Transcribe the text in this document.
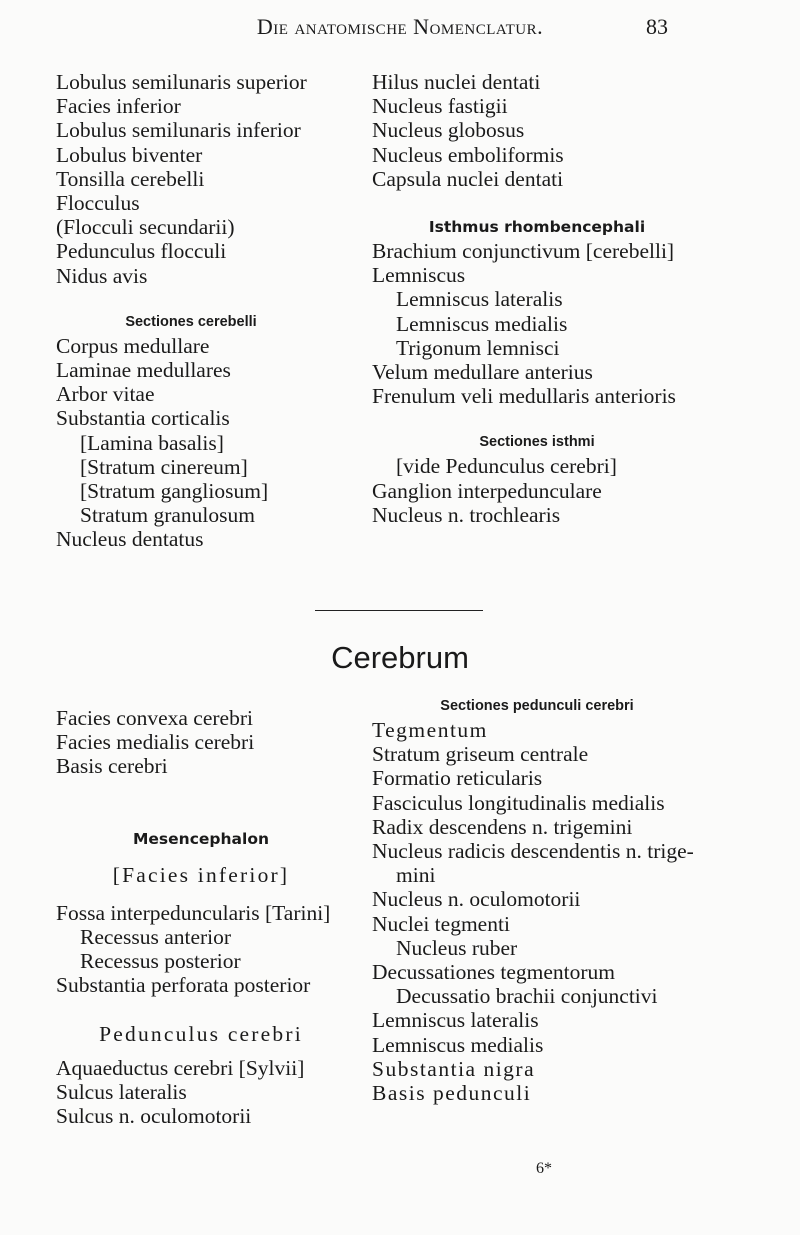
Die anatomische Nomenclatur.	83
Lobulus semilunaris superior
Facies inferior
Lobulus semilunaris inferior
Lobulus biventer
Tonsilla cerebelli
Flocculus
(Flocculi secundarii)
Pedunculus flocculi
Nidus avis
Sectiones cerebelli
Corpus medullare
Laminae medullares
Arbor vitae
Substantia corticalis
[Lamina basalis]
[Stratum cinereum]
[Stratum gangliosum]
Stratum granulosum
Nucleus dentatus
Hilus nuclei dentati
Nucleus fastigii
Nucleus globosus
Nucleus emboliformis
Capsula nuclei dentati
Isthmus rhombencephali
Brachium conjunctivum [cerebelli]
Lemniscus
Lemniscus lateralis
Lemniscus medialis
Trigonum lemnisci
Velum medullare anterius
Frenulum veli medullaris anterioris
Sectiones isthmi
[vide Pedunculus cerebri]
Ganglion interpedunculare
Nucleus n. trochlearis
Cerebrum
Facies convexa cerebri
Facies medialis cerebri
Basis cerebri
Mesencephalon
[Facies inferior]
Fossa interpeduncularis [Tarini]
Recessus anterior
Recessus posterior
Substantia perforata posterior
Pedunculus cerebri
Aquaeductus cerebri [Sylvii]
Sulcus lateralis
Sulcus n. oculomotorii
Sectiones pedunculi cerebri
Tegmentum
Stratum griseum centrale
Formatio reticularis
Fasciculus longitudinalis medialis
Radix descendens n. trigemini
Nucleus radicis descendentis n. trige-
mini
Nucleus n. oculomotorii
Nuclei tegmenti
Nucleus ruber
Decussationes tegmentorum
Decussatio brachii conjunctivi
Lemniscus lateralis
Lemniscus medialis
Substantia nigra
Basis pedunculi
6*
